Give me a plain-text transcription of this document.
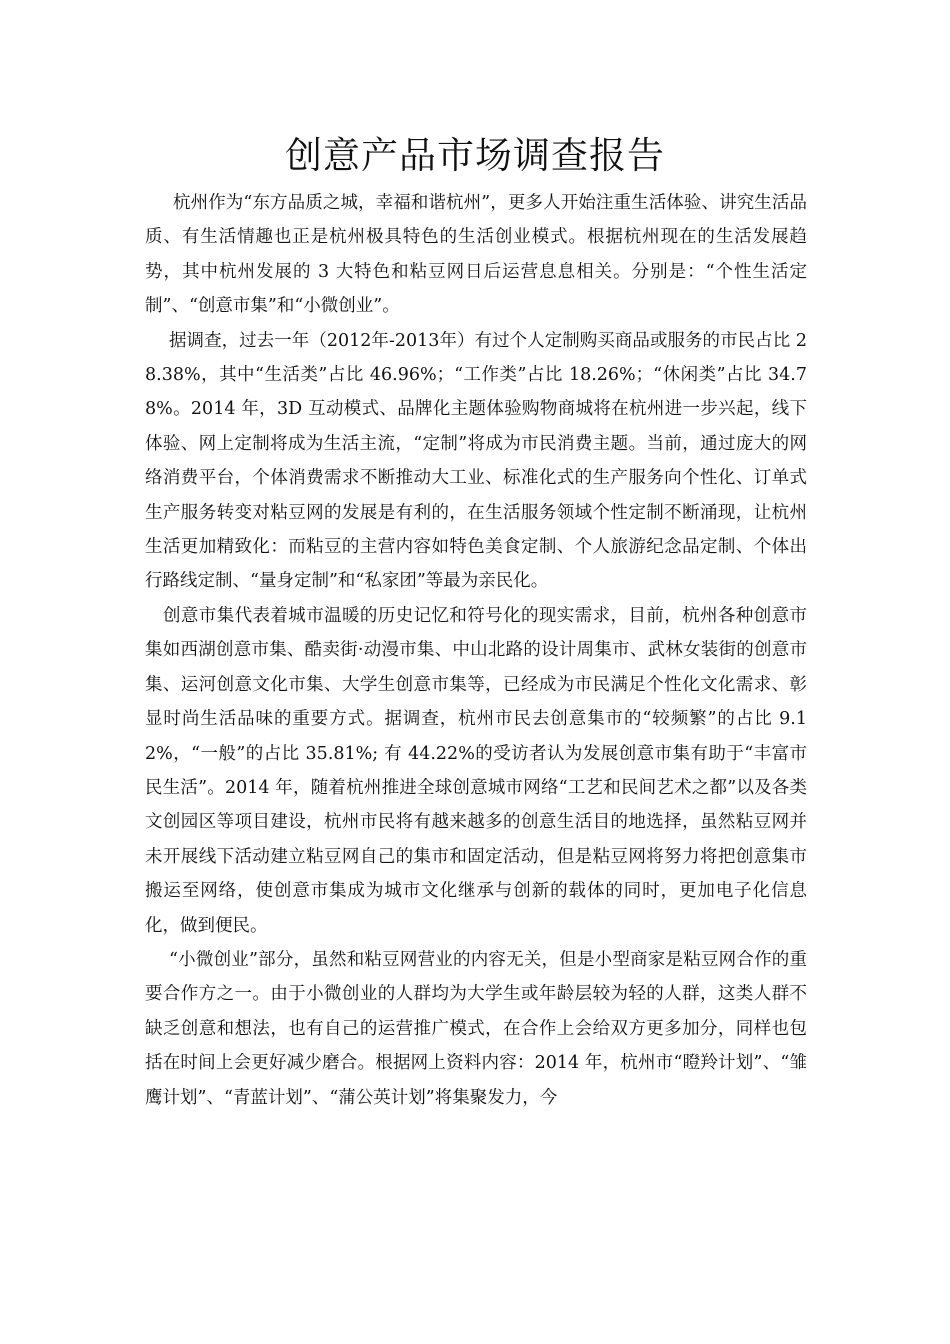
创意产品市场调查报告

杭州作为“东方品质之城，幸福和谐杭州”，更多人开始注重生活体验、讲究生活品质、有生活情趣也正是杭州极具特色的生活创业模式。根据杭州现在的生活发展趋势，其中杭州发展的 3 大特色和粘豆网日后运营息息相关。分别是：“个性生活定制”、“创意市集”和“小微创业”。

据调查，过去一年（2012年-2013年）有过个人定制购买商品或服务的市民占比 28.38%，其中“生活类”占比 46.96%；“工作类”占比 18.26%；“休闲类”占比 34.78%。2014 年，3D 互动模式、品牌化主题体验购物商城将在杭州进一步兴起，线下体验、网上定制将成为生活主流，“定制”将成为市民消费主题。当前，通过庞大的网络消费平台，个体消费需求不断推动大工业、标准化式的生产服务向个性化、订单式生产服务转变对粘豆网的发展是有利的，在生活服务领域个性定制不断涌现，让杭州生活更加精致化：而粘豆的主营内容如特色美食定制、个人旅游纪念品定制、个体出行路线定制、“量身定制”和“私家团”等最为亲民化。

创意市集代表着城市温暖的历史记忆和符号化的现实需求，目前，杭州各种创意市集如西湖创意市集、酷卖街·动漫市集、中山北路的设计周集市、武林女装街的创意市集、运河创意文化市集、大学生创意市集等，已经成为市民满足个性化文化需求、彰显时尚生活品味的重要方式。据调查，杭州市民去创意集市的“较频繁”的占比 9.12%，“一般”的占比 35.81%; 有 44.22%的受访者认为发展创意市集有助于“丰富市民生活”。2014 年，随着杭州推进全球创意城市网络“工艺和民间艺术之都”以及各类文创园区等项目建设，杭州市民将有越来越多的创意生活目的地选择，虽然粘豆网并未开展线下活动建立粘豆网自己的集市和固定活动，但是粘豆网将努力将把创意集市搬运至网络，使创意市集成为城市文化继承与创新的载体的同时，更加电子化信息化，做到便民。

“小微创业”部分，虽然和粘豆网营业的内容无关，但是小型商家是粘豆网合作的重要合作方之一。由于小微创业的人群均为大学生或年龄层较为轻的人群，这类人群不缺乏创意和想法，也有自己的运营推广模式，在合作上会给双方更多加分，同样也包括在时间上会更好减少磨合。根据网上资料内容：2014 年，杭州市“瞪羚计划”、“雏鹰计划”、“青蓝计划”、“蒲公英计划”将集聚发力，今
